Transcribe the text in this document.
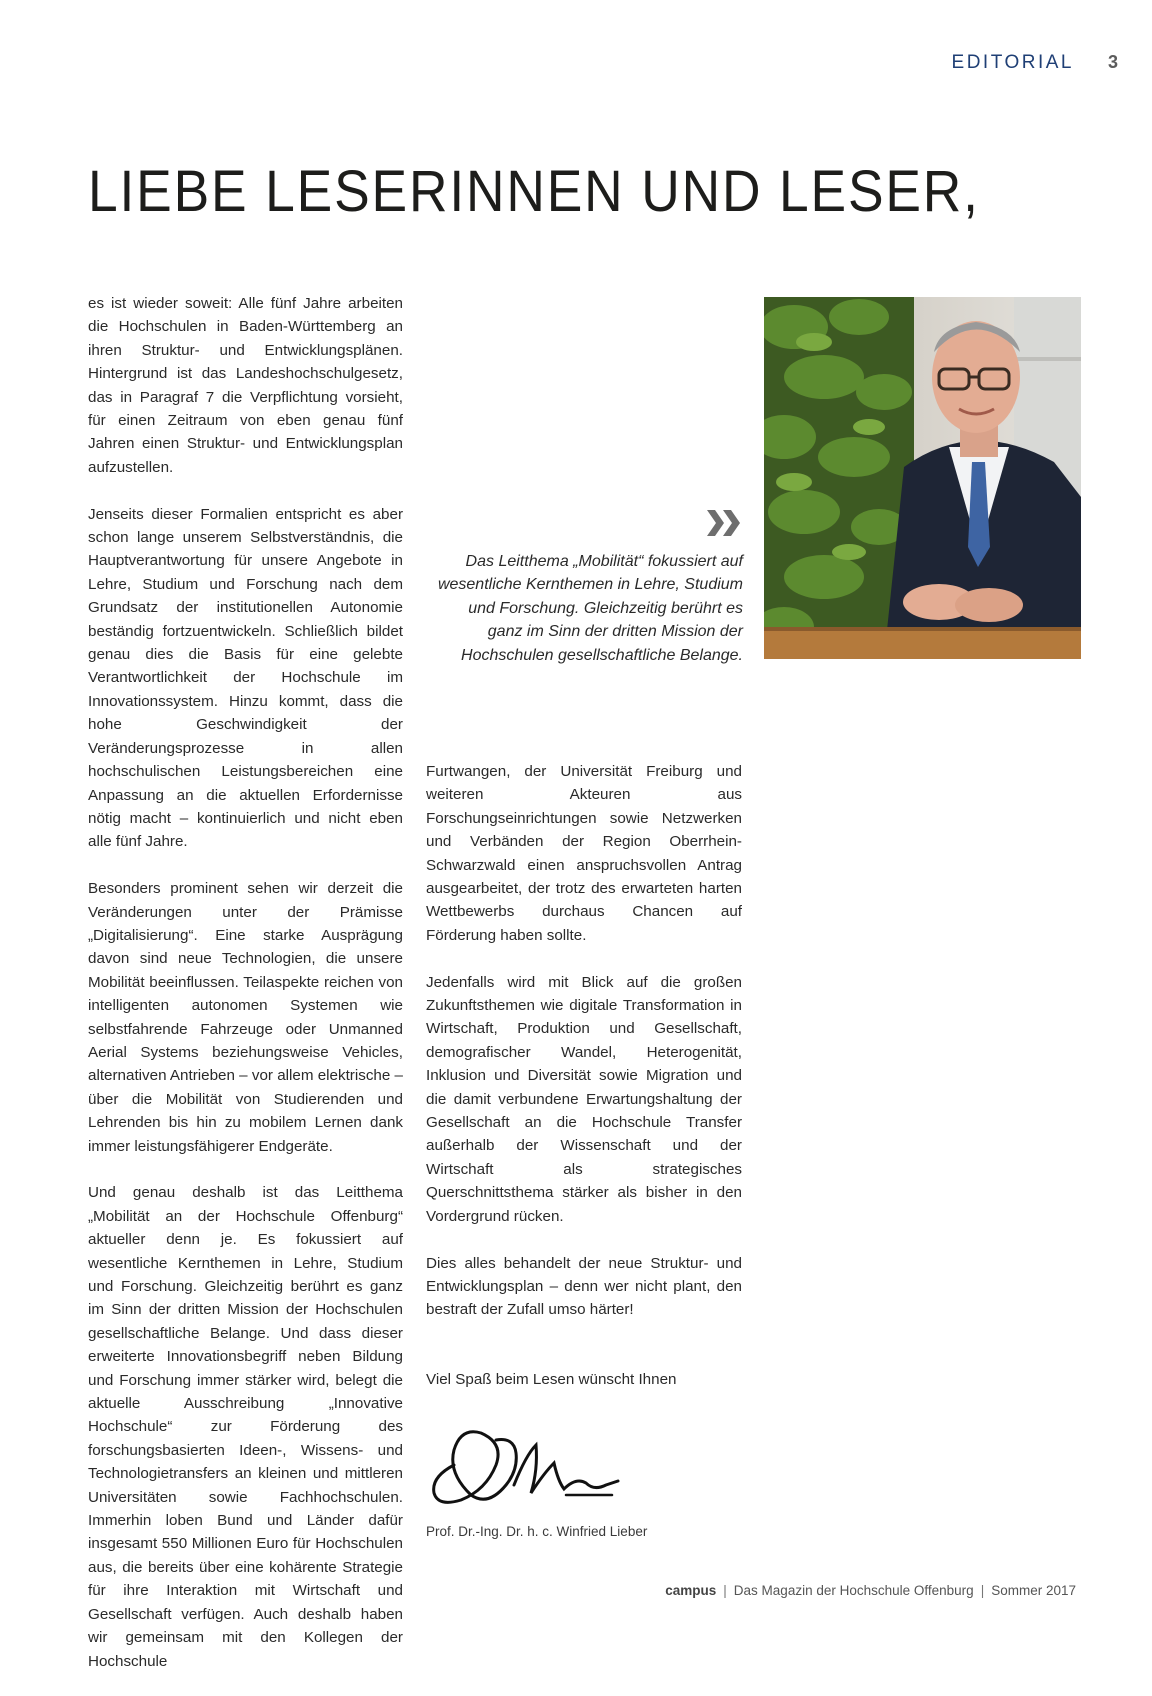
EDITORIAL 3
LIEBE LESERINNEN UND LESER,

es ist wieder soweit: Alle fünf Jahre arbeiten die Hochschulen in Baden-Württemberg an ihren Struktur- und Entwicklungsplänen. Hintergrund ist das Landeshochschulgesetz, das in Paragraf 7 die Verpflichtung vorsieht, für einen Zeitraum von eben genau fünf Jahren einen Struktur- und Entwicklungsplan aufzustellen.

Jenseits dieser Formalien entspricht es aber schon lange unserem Selbstverständnis, die Hauptverantwortung für unsere Angebote in Lehre, Studium und Forschung nach dem Grundsatz der institutionellen Autonomie beständig fortzuentwickeln. Schließlich bildet genau dies die Basis für eine gelebte Verantwortlichkeit der Hochschule im Innovationssystem. Hinzu kommt, dass die hohe Geschwindigkeit der Veränderungsprozesse in allen hochschulischen Leistungsbereichen eine Anpassung an die aktuellen Erfordernisse nötig macht – kontinuierlich und nicht eben alle fünf Jahre.

Besonders prominent sehen wir derzeit die Veränderungen unter der Prämisse „Digitalisierung“. Eine starke Ausprägung davon sind neue Technologien, die unsere Mobilität beeinflussen. Teilaspekte reichen von intelligenten autonomen Systemen wie selbstfahrende Fahrzeuge oder Unmanned Aerial Systems beziehungsweise Vehicles, alternativen Antrieben – vor allem elektrische – über die Mobilität von Studierenden und Lehrenden bis hin zu mobilem Lernen dank immer leistungsfähigerer Endgeräte.

Und genau deshalb ist das Leitthema „Mobilität an der Hochschule Offenburg“ aktueller denn je. Es fokussiert auf wesentliche Kernthemen in Lehre, Studium und Forschung. Gleichzeitig berührt es ganz im Sinn der dritten Mission der Hochschulen gesellschaftliche Belange. Und dass dieser erweiterte Innovationsbegriff neben Bildung und Forschung immer stärker wird, belegt die aktuelle Ausschreibung „Innovative Hochschule“ zur Förderung des forschungsbasierten Ideen-, Wissens- und Technologietransfers an kleinen und mittleren Universitäten sowie Fachhochschulen. Immerhin loben Bund und Länder dafür insgesamt 550 Millionen Euro für Hochschulen aus, die bereits über eine kohärente Strategie für ihre Interaktion mit Wirtschaft und Gesellschaft verfügen. Auch deshalb haben wir gemeinsam mit den Kollegen der Hochschule

Das Leitthema „Mobilität“ fokussiert auf wesentliche Kernthemen in Lehre, Studium und Forschung. Gleichzeitig berührt es ganz im Sinn der dritten Mission der Hochschulen gesellschaftliche Belange.

Furtwangen, der Universität Freiburg und weiteren Akteuren aus Forschungseinrichtungen sowie Netzwerken und Verbänden der Region Oberrhein-Schwarzwald einen anspruchsvollen Antrag ausgearbeitet, der trotz des erwarteten harten Wettbewerbs durchaus Chancen auf Förderung haben sollte.

Jedenfalls wird mit Blick auf die großen Zukunftsthemen wie digitale Transformation in Wirtschaft, Produktion und Gesellschaft, demografischer Wandel, Heterogenität, Inklusion und Diversität sowie Migration und die damit verbundene Erwartungshaltung der Gesellschaft an die Hochschule Transfer außerhalb der Wissenschaft und der Wirtschaft als strategisches Querschnittsthema stärker als bisher in den Vordergrund rücken.

Dies alles behandelt der neue Struktur- und Entwicklungsplan – denn wer nicht plant, den bestraft der Zufall umso härter!

Viel Spaß beim Lesen wünscht Ihnen

Prof. Dr.-Ing. Dr. h. c. Winfried Lieber
campus | Das Magazin der Hochschule Offenburg | Sommer 2017
